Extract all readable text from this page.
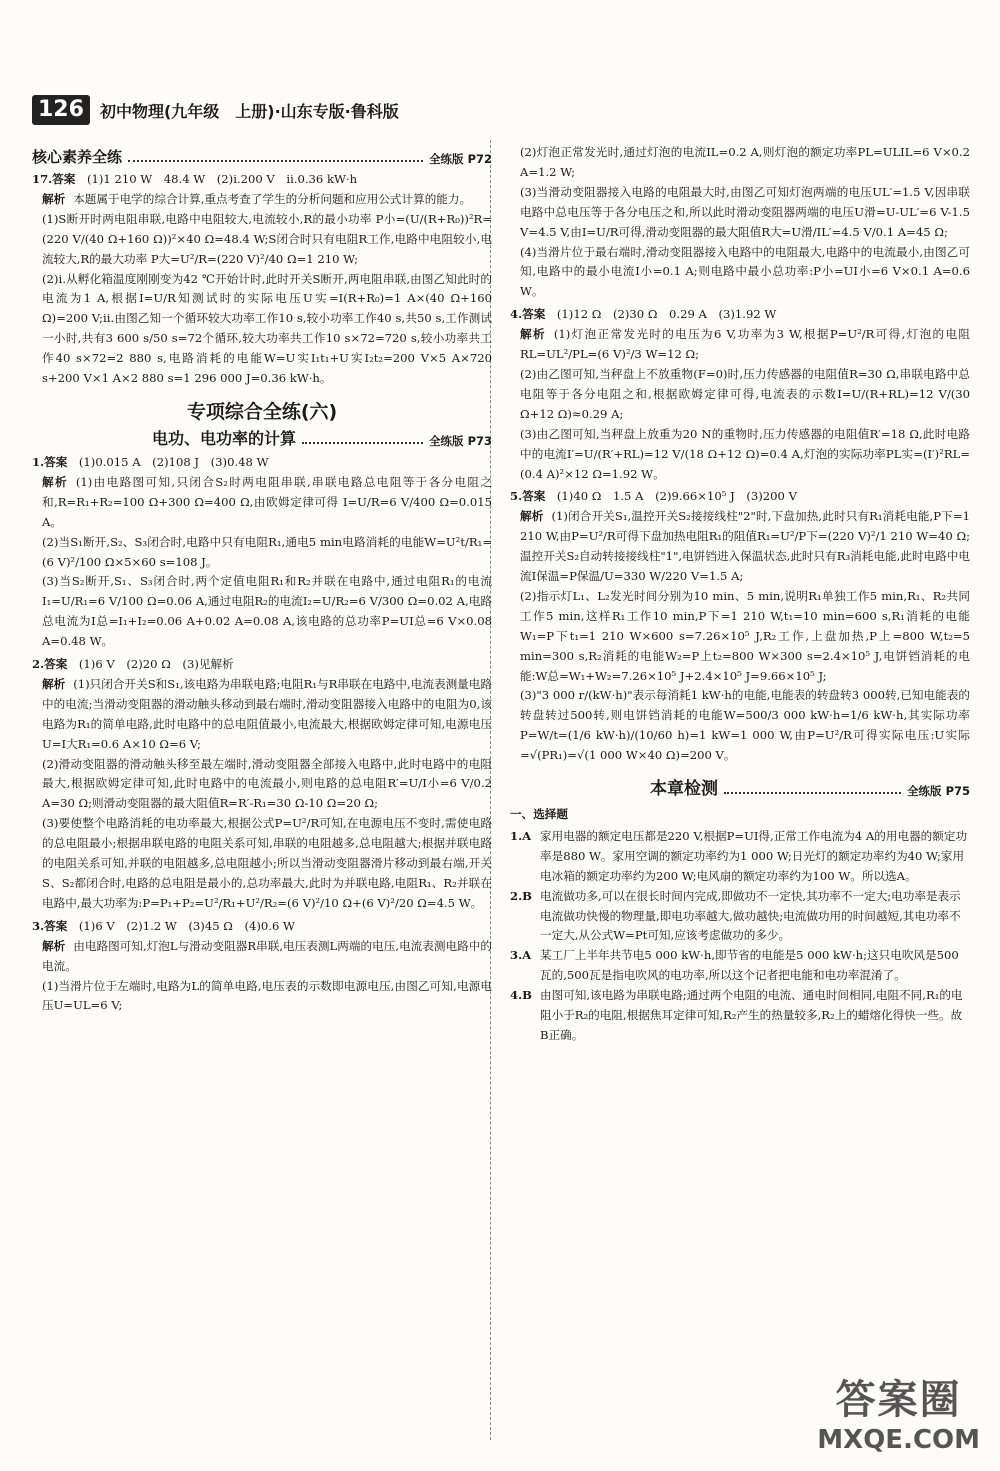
126	初中物理(九年级　上册)·山东专版·鲁科版
核心素养全练	全练版 P72

17.答案　 (1)1 210 W　48.4 W　(2)ⅰ.200 V　ⅱ.0.36 kW·h

解析 本题属于电学的综合计算,重点考查了学生的分析问题和应用公式计算的能力。

(1)S断开时两电阻串联,电路中电阻较大,电流较小,R的最小功率 P小=(U/(R+R₀))²R=(220 V/(40 Ω+160 Ω))²×40 Ω=48.4 W;S闭合时只有电阻R工作,电路中电阻较小,电流较大,R的最大功率 P大=U²/R=(220 V)²/40 Ω=1 210 W;

(2)ⅰ.从孵化箱温度刚刚变为42 ℃开始计时,此时开关S断开,两电阻串联,由图乙知此时的电流为1 A,根据I=U/R知测试时的实际电压U实=I(R+R₀)=1 A×(40 Ω+160 Ω)=200 V;ⅱ.由图乙知一个循环较大功率工作10 s,较小功率工作40 s,共50 s,工作测试一小时,共有3 600 s/50 s=72个循环,较大功率共工作10 s×72=720 s,较小功率共工作40 s×72=2 880 s,电路消耗的电能W=U实I₁t₁+U实I₂t₂=200 V×5 A×720 s+200 V×1 A×2 880 s=1 296 000 J=0.36 kW·h。

专项综合全练(六)
电功、电功率的计算	全练版 P73

1.答案　 (1)0.015 A　(2)108 J　(3)0.48 W

解析 (1)由电路图可知,只闭合S₂时两电阻串联,串联电路总电阻等于各分电阻之和,R=R₁+R₂=100 Ω+300 Ω=400 Ω,由欧姆定律可得 I=U/R=6 V/400 Ω=0.015 A。

(2)当S₁断开,S₂、S₃闭合时,电路中只有电阻R₁,通电5 min电路消耗的电能W=U²t/R₁=(6 V)²/100 Ω×5×60 s=108 J。

(3)当S₂断开,S₁、S₃闭合时,两个定值电阻R₁和R₂并联在电路中,通过电阻R₁的电流I₁=U/R₁=6 V/100 Ω=0.06 A,通过电阻R₂的电流I₂=U/R₂=6 V/300 Ω=0.02 A,电路总电流为I总=I₁+I₂=0.06 A+0.02 A=0.08 A,该电路的总功率P=UI总=6 V×0.08 A=0.48 W。

2.答案　 (1)6 V　(2)20 Ω　(3)见解析

解析 (1)只闭合开关S和S₁,该电路为串联电路;电阻R₁与R串联在电路中,电流表测量电路中的电流;当滑动变阻器的滑动触头移动到最右端时,滑动变阻器接入电路中的电阻为0,该电路为R₁的简单电路,此时电路中的总电阻值最小,电流最大,根据欧姆定律可知,电源电压U=I大R₁=0.6 A×10 Ω=6 V;

(2)滑动变阻器的滑动触头移至最左端时,滑动变阻器全部接入电路中,此时电路中的电阻最大,根据欧姆定律可知,此时电路中的电流最小,则电路的总电阻R′=U/I小=6 V/0.2 A=30 Ω;则滑动变阻器的最大阻值R=R′-R₁=30 Ω-10 Ω=20 Ω;

(3)要使整个电路消耗的电功率最大,根据公式P=U²/R可知,在电源电压不变时,需使电路的总电阻最小;根据串联电路的电阻关系可知,串联的电阻越多,总电阻越大;根据并联电路的电阻关系可知,并联的电阻越多,总电阻越小;所以当滑动变阻器滑片移动到最右端,开关S、S₂都闭合时,电路的总电阻是最小的,总功率最大,此时为并联电路,电阻R₁、R₂并联在电路中,最大功率为:P=P₁+P₂=U²/R₁+U²/R₂=(6 V)²/10 Ω+(6 V)²/20 Ω=4.5 W。

3.答案　 (1)6 V　(2)1.2 W　(3)45 Ω　(4)0.6 W

解析 由电路图可知,灯泡L与滑动变阻器R串联,电压表测L两端的电压,电流表测电路中的电流。

(1)当滑片位于左端时,电路为L的简单电路,电压表的示数即电源电压,由图乙可知,电源电压U=UL=6 V;

(2)灯泡正常发光时,通过灯泡的电流IL=0.2 A,则灯泡的额定功率PL=ULIL=6 V×0.2 A=1.2 W;

(3)当滑动变阻器接入电路的电阻最大时,由图乙可知灯泡两端的电压UL′=1.5 V,因串联电路中总电压等于各分电压之和,所以此时滑动变阻器两端的电压U滑=U-UL′=6 V-1.5 V=4.5 V,由I=U/R可得,滑动变阻器的最大阻值R大=U滑/IL′=4.5 V/0.1 A=45 Ω;

(4)当滑片位于最右端时,滑动变阻器接入电路中的电阻最大,电路中的电流最小,由图乙可知,电路中的最小电流I小=0.1 A;则电路中最小总功率:P小=UI小=6 V×0.1 A=0.6 W。

4.答案　 (1)12 Ω　(2)30 Ω　0.29 A　(3)1.92 W

解析 (1)灯泡正常发光时的电压为6 V,功率为3 W,根据P=U²/R可得,灯泡的电阻RL=UL²/PL=(6 V)²/3 W=12 Ω;

(2)由乙图可知,当秤盘上不放重物(F=0)时,压力传感器的电阻值R=30 Ω,串联电路中总电阻等于各分电阻之和,根据欧姆定律可得,电流表的示数I=U/(R+RL)=12 V/(30 Ω+12 Ω)≈0.29 A;

(3)由乙图可知,当秤盘上放重为20 N的重物时,压力传感器的电阻值R′=18 Ω,此时电路中的电流I′=U/(R′+RL)=12 V/(18 Ω+12 Ω)=0.4 A,灯泡的实际功率PL实=(I′)²RL=(0.4 A)²×12 Ω=1.92 W。

5.答案　 (1)40 Ω　1.5 A　(2)9.66×10⁵ J　(3)200 V

解析 (1)闭合开关S₁,温控开关S₂接接线柱"2"时,下盘加热,此时只有R₁消耗电能,P下=1 210 W,由P=U²/R可得下盘加热电阻R₁的阻值R₁=U²/P下=(220 V)²/1 210 W=40 Ω;温控开关S₂自动转接接线柱"1",电饼铛进入保温状态,此时只有R₃消耗电能,此时电路中电流I保温=P保温/U=330 W/220 V=1.5 A;

(2)指示灯L₁、L₂发光时间分别为10 min、5 min,说明R₁单独工作5 min,R₁、R₂共同工作5 min,这样R₁工作10 min,P下=1 210 W,t₁=10 min=600 s,R₁消耗的电能W₁=P下t₁=1 210 W×600 s=7.26×10⁵ J,R₂工作,上盘加热,P上=800 W,t₂=5 min=300 s,R₂消耗的电能W₂=P上t₂=800 W×300 s=2.4×10⁵ J,电饼铛消耗的电能:W总=W₁+W₂=7.26×10⁵ J+2.4×10⁵ J=9.66×10⁵ J;

(3)"3 000 r/(kW·h)"表示每消耗1 kW·h的电能,电能表的转盘转3 000转,已知电能表的转盘转过500转,则电饼铛消耗的电能W=500/3 000 kW·h=1/6 kW·h,其实际功率P=W/t=(1/6 kW·h)/(10/60 h)=1 kW=1 000 W,由P=U²/R可得实际电压:U实际=√(PR₁)=√(1 000 W×40 Ω)=200 V。

本章检测	全练版 P75
一、选择题
1.A 家用电器的额定电压都是220 V,根据P=UI得,正常工作电流为4 A的用电器的额定功率是880 W。家用空调的额定功率约为1 000 W;日光灯的额定功率约为40 W;家用电冰箱的额定功率约为200 W;电风扇的额定功率约为100 W。所以选A。
2.B 电流做功多,可以在很长时间内完成,即做功不一定快,其功率不一定大;电功率是表示电流做功快慢的物理量,即电功率越大,做功越快;电流做功用的时间越短,其电功率不一定大,从公式W=Pt可知,应该考虑做功的多少。
3.A 某工厂上半年共节电5 000 kW·h,即节省的电能是5 000 kW·h;这只电吹风是500瓦的,500瓦是指电吹风的电功率,所以这个记者把电能和电功率混淆了。
4.B 由图可知,该电路为串联电路;通过两个电阻的电流、通电时间相同,电阻不同,R₁的电阻小于R₂的电阻,根据焦耳定律可知,R₂产生的热量较多,R₂上的蜡熔化得快一些。故B正确。
答案圈
MXQE.COM
